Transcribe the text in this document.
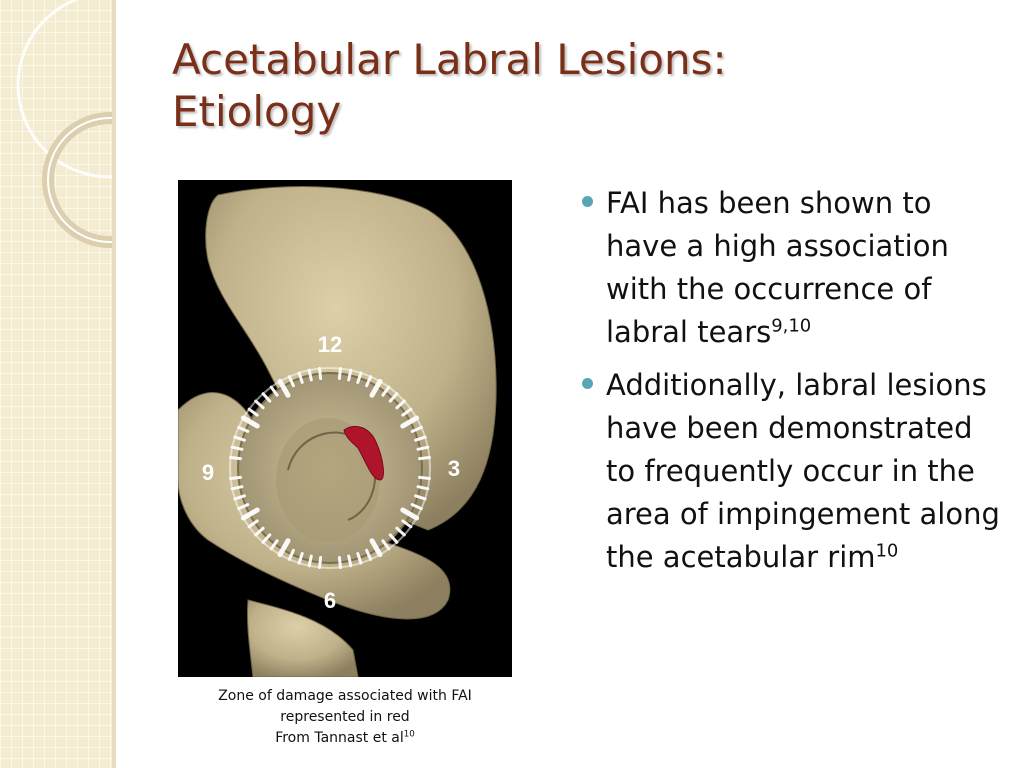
Acetabular Labral Lesions:
Etiology
12
3
6
9
Zone of damage associated with FAI
represented in red
From Tannast et $al^{10}$
FAI has been shown to have a high association with the occurrence of labral tears$^{9,10}$
Additionally, labral lesions have been demonstrated to frequently occur in the area of impingement along the acetabular rim$^{10}$
